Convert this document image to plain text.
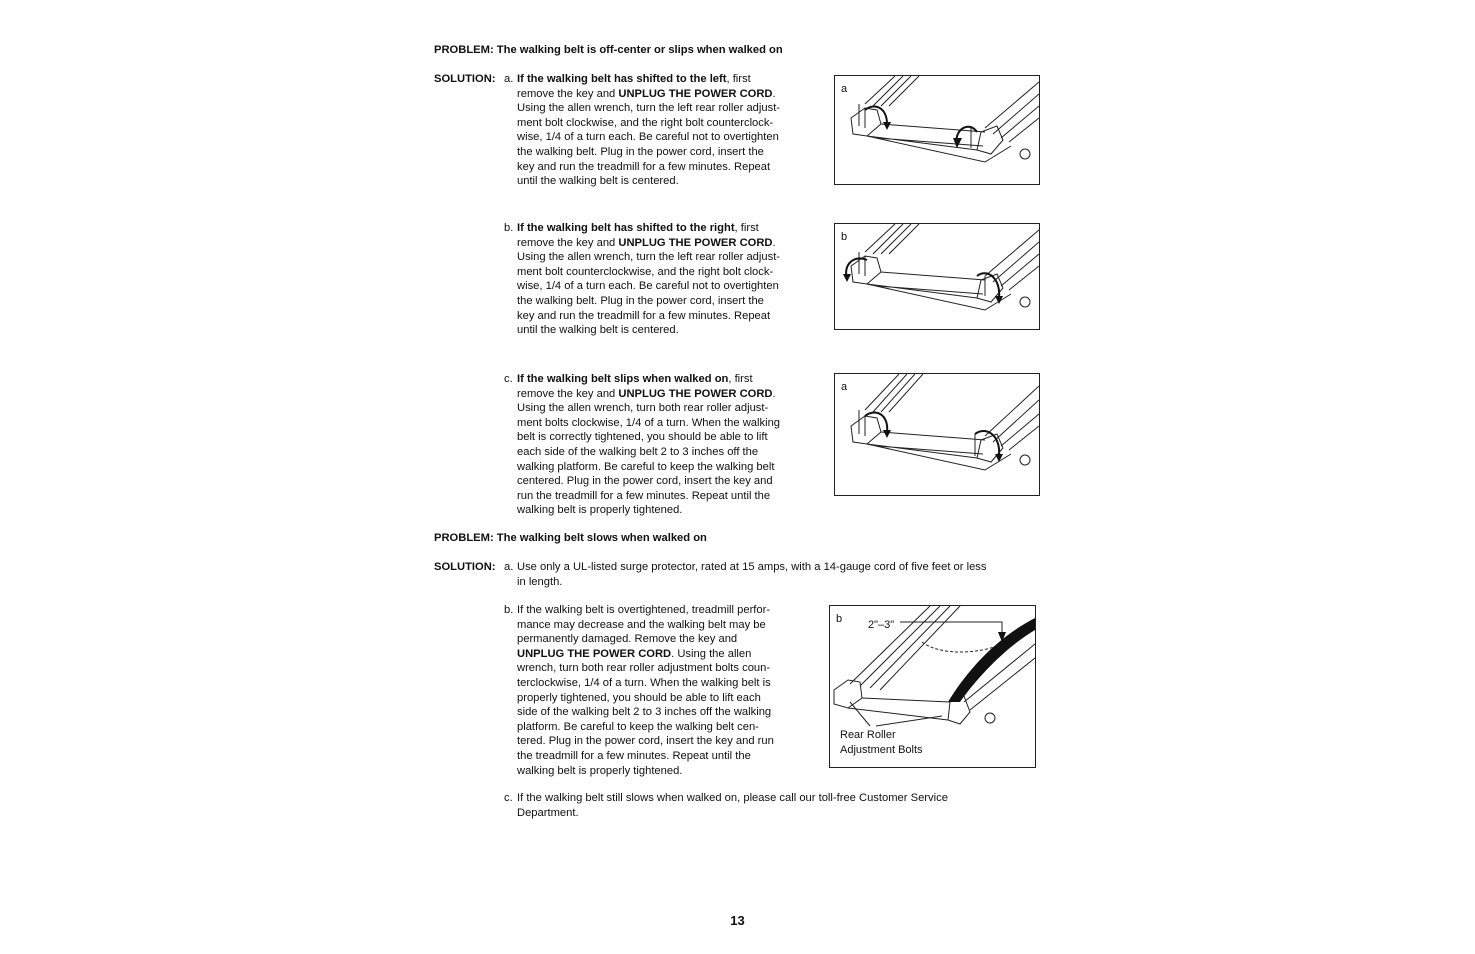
PROBLEM: The walking belt is off-center or slips when walked on
SOLUTION: a. If the walking belt has shifted to the left, first
remove the key and UNPLUG THE POWER CORD.
Using the allen wrench, turn the left rear roller adjust-
ment bolt clockwise, and the right bolt counterclock-
wise, 1/4 of a turn each. Be careful not to overtighten
the walking belt. Plug in the power cord, insert the
key and run the treadmill for a few minutes. Repeat
until the walking belt is centered.
a
b. If the walking belt has shifted to the right, first
remove the key and UNPLUG THE POWER CORD.
Using the allen wrench, turn the left rear roller adjust-
ment bolt counterclockwise, and the right bolt clock-
wise, 1/4 of a turn each. Be careful not to overtighten
the walking belt. Plug in the power cord, insert the
key and run the treadmill for a few minutes. Repeat
until the walking belt is centered.
b
c. If the walking belt slips when walked on, first
remove the key and UNPLUG THE POWER CORD.
Using the allen wrench, turn both rear roller adjust-
ment bolts clockwise, 1/4 of a turn. When the walking
belt is correctly tightened, you should be able to lift
each side of the walking belt 2 to 3 inches off the
walking platform. Be careful to keep the walking belt
centered. Plug in the power cord, insert the key and
run the treadmill for a few minutes. Repeat until the
walking belt is properly tightened.
a
PROBLEM: The walking belt slows when walked on
SOLUTION: a. Use only a UL-listed surge protector, rated at 15 amps, with a 14-gauge cord of five feet or less
in length.
b. If the walking belt is overtightened, treadmill perfor-
mance may decrease and the walking belt may be
permanently damaged. Remove the key and
UNPLUG THE POWER CORD. Using the allen
wrench, turn both rear roller adjustment bolts coun-
terclockwise, 1/4 of a turn. When the walking belt is
properly tightened, you should be able to lift each
side of the walking belt 2 to 3 inches off the walking
platform. Be careful to keep the walking belt cen-
tered. Plug in the power cord, insert the key and run
the treadmill for a few minutes. Repeat until the
walking belt is properly tightened.
b 2"–3"
Rear Roller
Adjustment Bolts
c. If the walking belt still slows when walked on, please call our toll-free Customer Service
Department.
13
